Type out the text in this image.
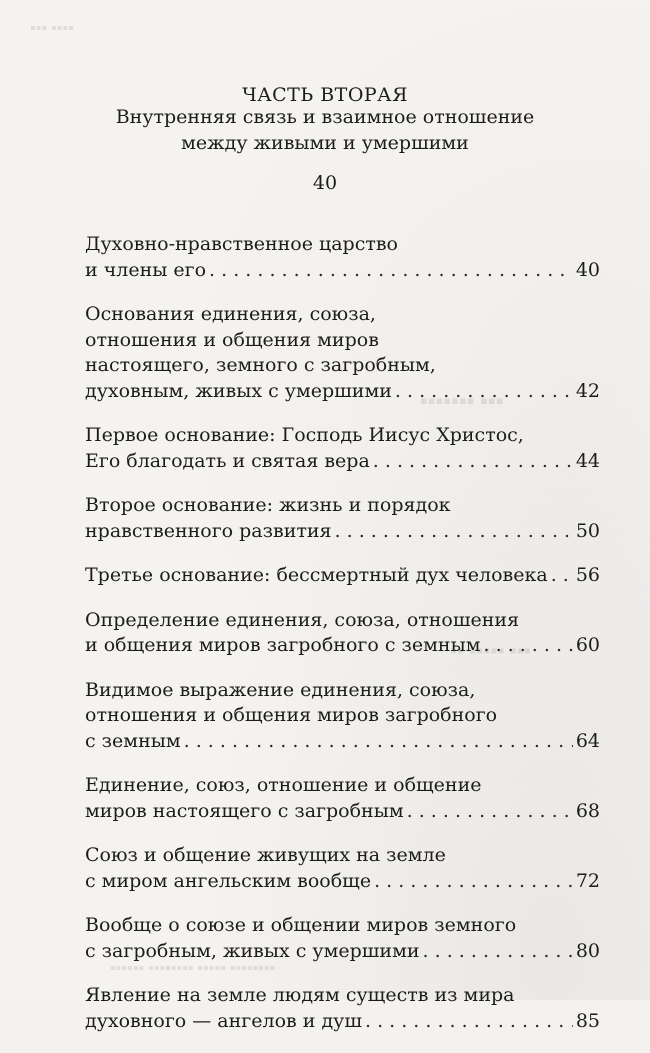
▪▪▪ ▪▪▪▪
▪▪▪▪▪▪▪ ▪▪▪
▪▪ ▪▪▪▪▪ ▪▪▪
▪▪▪▪▪▪ ▪▪▪▪▪▪▪▪ ▪▪▪▪▪ ▪▪▪▪▪▪▪▪
ЧАСТЬ ВТОРАЯ
Внутренняя связь и взаимное отношение
между живыми и умершими
40
Духовно-нравственное царство
и члены его . . .	40
Основания единения, союза,
отношения и общения миров
настоящего, земного с загробным,
духовным, живых с умершими . . .	42
Первое основание: Господь Иисус Христос,
Его благодать и святая вера . . .	44
Второе основание: жизнь и порядок
нравственного развития . . .	50
Третье основание: бессмертный дух человека . . . 56
Определение единения, союза, отношения
и общения миров загробного с земным . . .	60
Видимое выражение единения, союза,
отношения и общения миров загробного
с земным . . .	64
Единение, союз, отношение и общение
миров настоящего с загробным . . .	68
Союз и общение живущих на земле
с миром ангельским вообще . . .	72
Вообще о союзе и общении миров земного
с загробным, живых с умершими . . .	80
Явление на земле людям существ из мира
духовного — ангелов и душ . . .	85
